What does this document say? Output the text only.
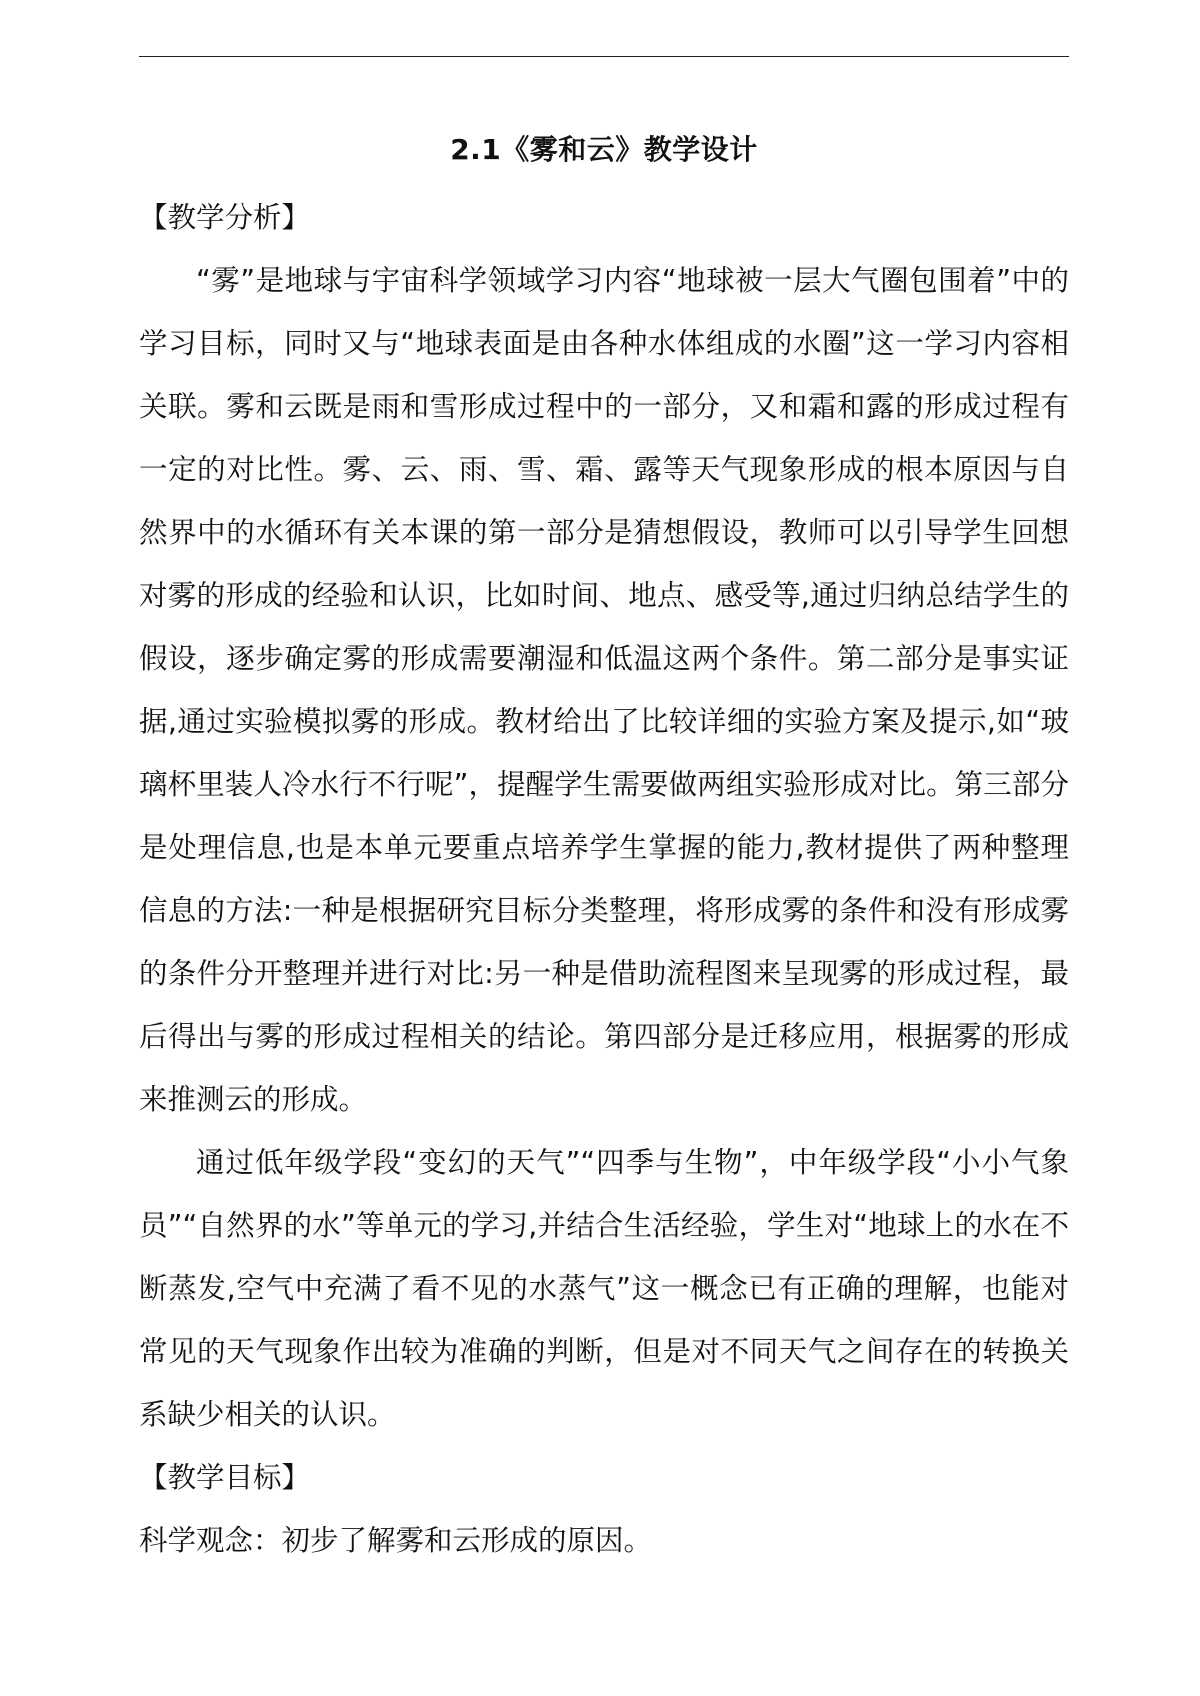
2.1《雾和云》教学设计

【教学分析】

“雾”是地球与宇宙科学领域学习内容“地球被一层大气圈包围着”中的学习目标，同时又与“地球表面是由各种水体组成的水圈”这一学习内容相关联。雾和云既是雨和雪形成过程中的一部分，又和霜和露的形成过程有一定的对比性。雾、云、雨、雪、霜、露等天气现象形成的根本原因与自然界中的水循环有关本课的第一部分是猜想假设，教师可以引导学生回想对雾的形成的经验和认识，比如时间、地点、感受等,通过归纳总结学生的假设，逐步确定雾的形成需要潮湿和低温这两个条件。第二部分是事实证据,通过实验模拟雾的形成。教材给出了比较详细的实验方案及提示,如“玻璃杯里装人冷水行不行呢”，提醒学生需要做两组实验形成对比。第三部分是处理信息,也是本单元要重点培养学生掌握的能力,教材提供了两种整理信息的方法:一种是根据研究目标分类整理，将形成雾的条件和没有形成雾的条件分开整理并进行对比:另一种是借助流程图来呈现雾的形成过程，最后得出与雾的形成过程相关的结论。第四部分是迁移应用，根据雾的形成来推测云的形成。

通过低年级学段“变幻的天气”“四季与生物”，中年级学段“小小气象员”“自然界的水”等单元的学习,并结合生活经验，学生对“地球上的水在不断蒸发,空气中充满了看不见的水蒸气”这一概念已有正确的理解，也能对常见的天气现象作出较为准确的判断，但是对不同天气之间存在的转换关系缺少相关的认识。

【教学目标】

科学观念：初步了解雾和云形成的原因。
